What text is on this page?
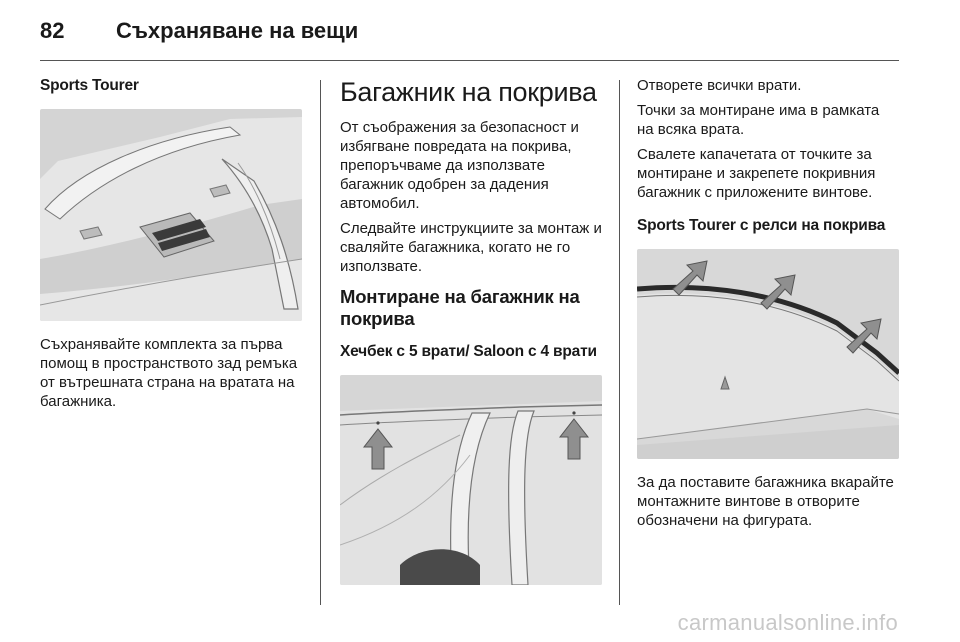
82 Съхраняване на вещи
Sports Tourer

Съхранявайте комплекта за първа помощ в пространството зад ремъка от вътрешната страна на вратата на багажника.

Багажник на покрива

От съображения за безопасност и избягване повредата на покрива, препоръчваме да използвате багажник одобрен за дадения автомобил.

Следвайте инструкциите за монтаж и сваляйте багажника, когато не го използвате.

Монтиране на багажник на покрива
Хечбек с 5 врати/ Saloon с 4 врати

Отворете всички врати.

Точки за монтиране има в рамката на всяка врата.

Свалете капачетата от точките за монтиране и закрепете покривния багажник с приложените винтове.

Sports Tourer с релси на покрива

За да поставите багажника вкарайте монтажните винтове в отворите обозначени на фигурата.

carmanualsonline.info
